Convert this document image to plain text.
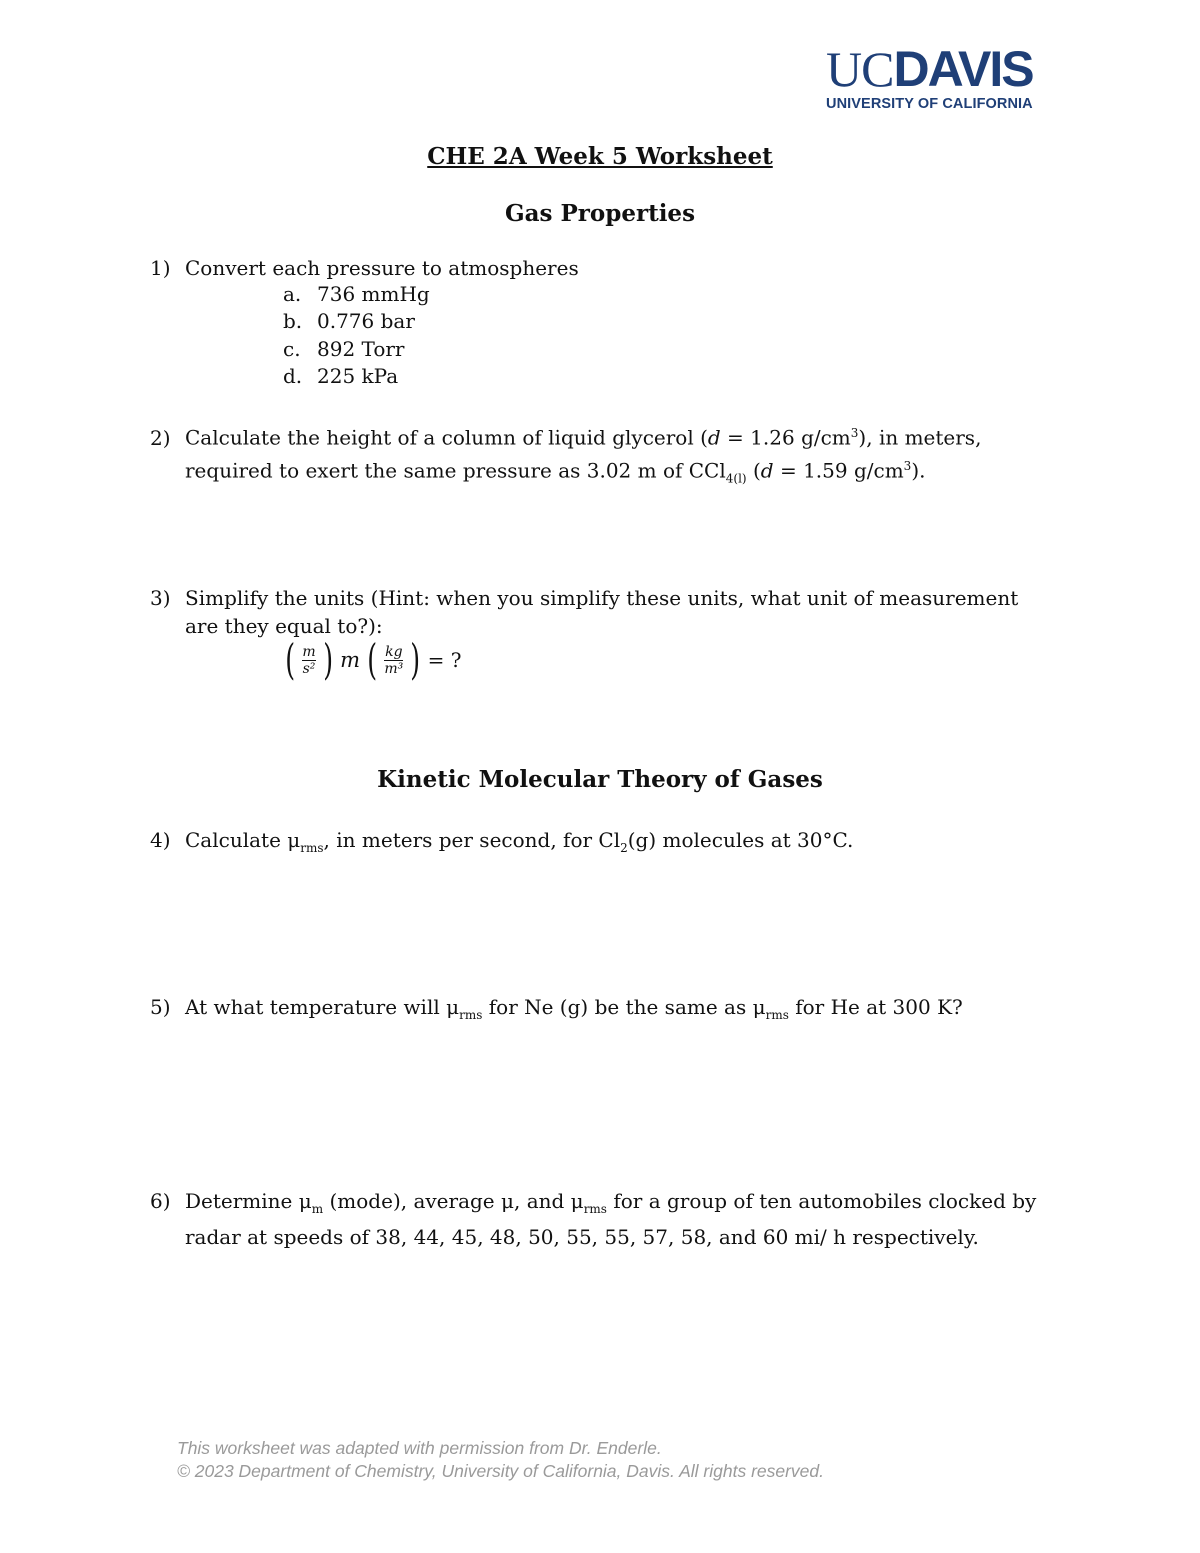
UCDAVIS
UNIVERSITY OF CALIFORNIA
CHE 2A Week 5 Worksheet
Gas Properties
1) Convert each pressure to atmospheres
a. 736 mmHg
b. 0.776 bar
c. 892 Torr
d. 225 kPa
2) Calculate the height of a column of liquid glycerol (d = 1.26 $g/cm^3$), in meters,
required to exert the same pressure as 3.02 m of CCl$_{4(l)}$ (d = 1.59 $g/cm^3$).
3) Simplify the units (Hint: when you simplify these units, what unit of measurement
are they equal to?):
( $\frac{m}{\text{s²}}$ ) m ( $\frac{kg}{\text{m³}}$ ) = ?
Kinetic Molecular Theory of Gases
4) Calculate $\mu_{rms}$, in meters per second, for $Cl_2(g)$ molecules at 30°C.
5) At what temperature will $\mu_{rms}$ for Ne (g) be the same as $\mu_{rms}$ for He at 300 K?
6) Determine $\mu_m$ (mode), average μ, and $\mu_{rms}$ for a group of ten automobiles clocked by
radar at speeds of 38, 44, 45, 48, 50, 55, 55, 57, 58, and 60 mi/ h respectively.
This worksheet was adapted with permission from Dr. Enderle.
© 2023 Department of Chemistry, University of California, Davis. All rights reserved.
